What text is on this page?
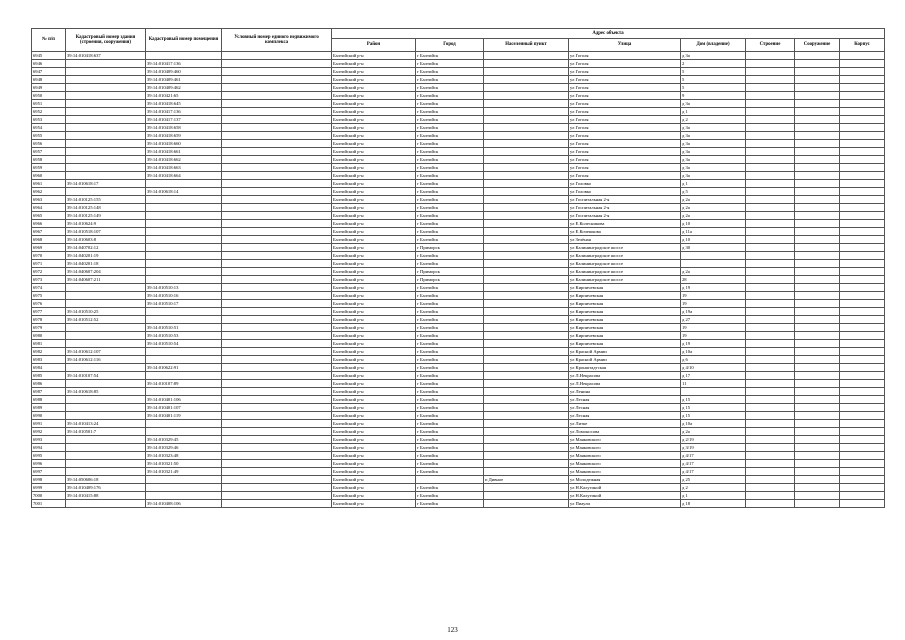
№ п/п	Кадастровый номер здания (строения, сооружения)	Кадастровый номер помещения	Условный номер единого недвижимого комплекса	Адрес объекта							
				Район	Город	Населенный пункт	Улица	Дом (владение)	Строение	Сооружение	Корпус
6945	39:14:010418:637			Балтийский р-н	г Балтийск		ул Гоголя	д 3а			
6946		39:14:010417:136		Балтийский р-н	г Балтийск		ул Гоголя	2			
6947		39:14:010409:460		Балтийский р-н	г Балтийск		ул Гоголя	5			
6948		39:14:010409:461		Балтийский р-н	г Балтийск		ул Гоголя	5			
6949		39:14:010409:462		Балтийский р-н	г Балтийск		ул Гоголя	5			
6950		39:14:010421:65		Балтийский р-н	г Балтийск		ул Гоголя	9			
6951		39:14:010418:645		Балтийский р-н	г Балтийск		ул Гоголя	д 3а			
6952		39:14:010417:136		Балтийский р-н	г Балтийск		ул Гоголя	д 1			
6953		39:14:010417:137		Балтийский р-н	г Балтийск		ул Гоголя	д 2			
6954		39:14:010418:658		Балтийский р-н	г Балтийск		ул Гоголя	д 3а			
6955		39:14:010418:659		Балтийский р-н	г Балтийск		ул Гоголя	д 3а			
6956		39:14:010418:660		Балтийский р-н	г Балтийск		ул Гоголя	д 3а			
6957		39:14:010418:661		Балтийский р-н	г Балтийск		ул Гоголя	д 3а			
6958		39:14:010418:662		Балтийский р-н	г Балтийск		ул Гоголя	д 3а			
6959		39:14:010418:663		Балтийский р-н	г Балтийск		ул Гоголя	д 3а			
6960		39:14:010418:664		Балтийский р-н	г Балтийск		ул Гоголя	д 3а			
6961	39:14:010618:17			Балтийский р-н	г Балтийск		ул Головко	д 1			
6962		39:14:010618:14		Балтийский р-н	г Балтийск		ул Головко	д 5			
6963	39:14:010125:155			Балтийский р-н	г Балтийск		ул Госпитальная 2-я	д 2а			
6964	39:14:010125:148			Балтийский р-н	г Балтийск		ул Госпитальная 2-я	д 2а			
6965	39:14:010125:149			Балтийский р-н	г Балтийск		ул Госпитальная 2-я	д 2а			
6966	39:14:010624:9			Балтийский р-н	г Балтийск		ул Е.Колесникова	д 10			
6967	39:14:010518:107			Балтийский р-н	г Балтийск		ул Е.Кочешкова	д 11а			
6968	39:14:010603:8			Балтийский р-н	г Балтийск		ул Зелёная	д 10			
6969	39:14:040702:12			Балтийский р-н	г Приморск		ул Калининградское шоссе	д 30			
6970	39:14:040201:19			Балтийский р-н	г Балтийск		ул Калининградское шоссе				
6971	39:14:040201:18			Балтийский р-н	г Балтийск		ул Калининградское шоссе				
6972	39:14:040607:204			Балтийский р-н	г Приморск		ул Калининградское шоссе	д 2а			
6973	39:14:040607:211			Балтийский р-н	г Приморск		ул Калининградское шоссе	28			
6974		39:14:010510:13		Балтийский р-н	г Балтийск		ул Кирпичевская	д 19			
6975		39:14:010510:16		Балтийский р-н	г Балтийск		ул Кирпичевская	19			
6976		39:14:010510:17		Балтийский р-н	г Балтийск		ул Кирпичевская	19			
6977	39:14:010510:25			Балтийский р-н	г Балтийск		ул Кирпичевская	д 19а			
6978	39:14:010512:52			Балтийский р-н	г Балтийск		ул Кирпичевская	д 27			
6979		39:14:010510:51		Балтийский р-н	г Балтийск		ул Кирпичевская	19			
6980		39:14:010510:53		Балтийский р-н	г Балтийск		ул Кирпичевская	19			
6981		39:14:010510:54		Балтийский р-н	г Балтийск		ул Кирпичевская	д 19			
6982	39:14:010612:107			Балтийский р-н	г Балтийск		ул Красной Армии	д 10а			
6983	39:14:010612:116			Балтийский р-н	г Балтийск		ул Красной Армии	д 6			
6984		39:14:010622:91		Балтийский р-н	г Балтийск		ул Кронштадтская	д 4/10			
6985	39:14:010107:54			Балтийский р-н	г Балтийск		ул Л.Некрасова	д 17			
6986		39:14:010107:89		Балтийский р-н	г Балтийск		ул Л.Некрасова	11			
6987	39:14:010618:85			Балтийский р-н	г Балтийск		ул Ленина				
6988		39:14:010401:106		Балтийский р-н	г Балтийск		ул Лесная	д 15			
6989		39:14:010401:107		Балтийский р-н	г Балтийск		ул Лесная	д 15			
6990		39:14:010401:119		Балтийский р-н	г Балтийск		ул Лесная	д 15			
6991	39:14:010413:24			Балтийский р-н	г Балтийск		ул Литке	д 10а			
6992	39:14:010501:7			Балтийский р-н	г Балтийск		ул Ломоносова	д 2а			
6993		39:14:010329:45		Балтийский р-н	г Балтийск		ул Маяковского	д 2/19			
6994		39:14:010329:46		Балтийский р-н	г Балтийск		ул Маяковского	д 3/19			
6995		39:14:010323:48		Балтийский р-н	г Балтийск		ул Маяковского	д 4/17			
6996		39:14:010321:50		Балтийский р-н	г Балтийск		ул Маяковского	д 4/17			
6997		39:14:010321:49		Балтийский р-н	г Балтийск		ул Маяковского	д 4/17			
6998	39:14:050606:18			Балтийский р-н		п Дивное	ул Молодежная	д 25			
6999	39:14:010409:176			Балтийский р-н	г Балтийск		ул Н.Калугиной	д 2			
7000	39:14:010415:88			Балтийский р-н	г Балтийск		ул Н.Калугиной	д 1			
7001		39:14:010408:106		Балтийский р-н	г Балтийск		ул Пиаули	д 18			
123
